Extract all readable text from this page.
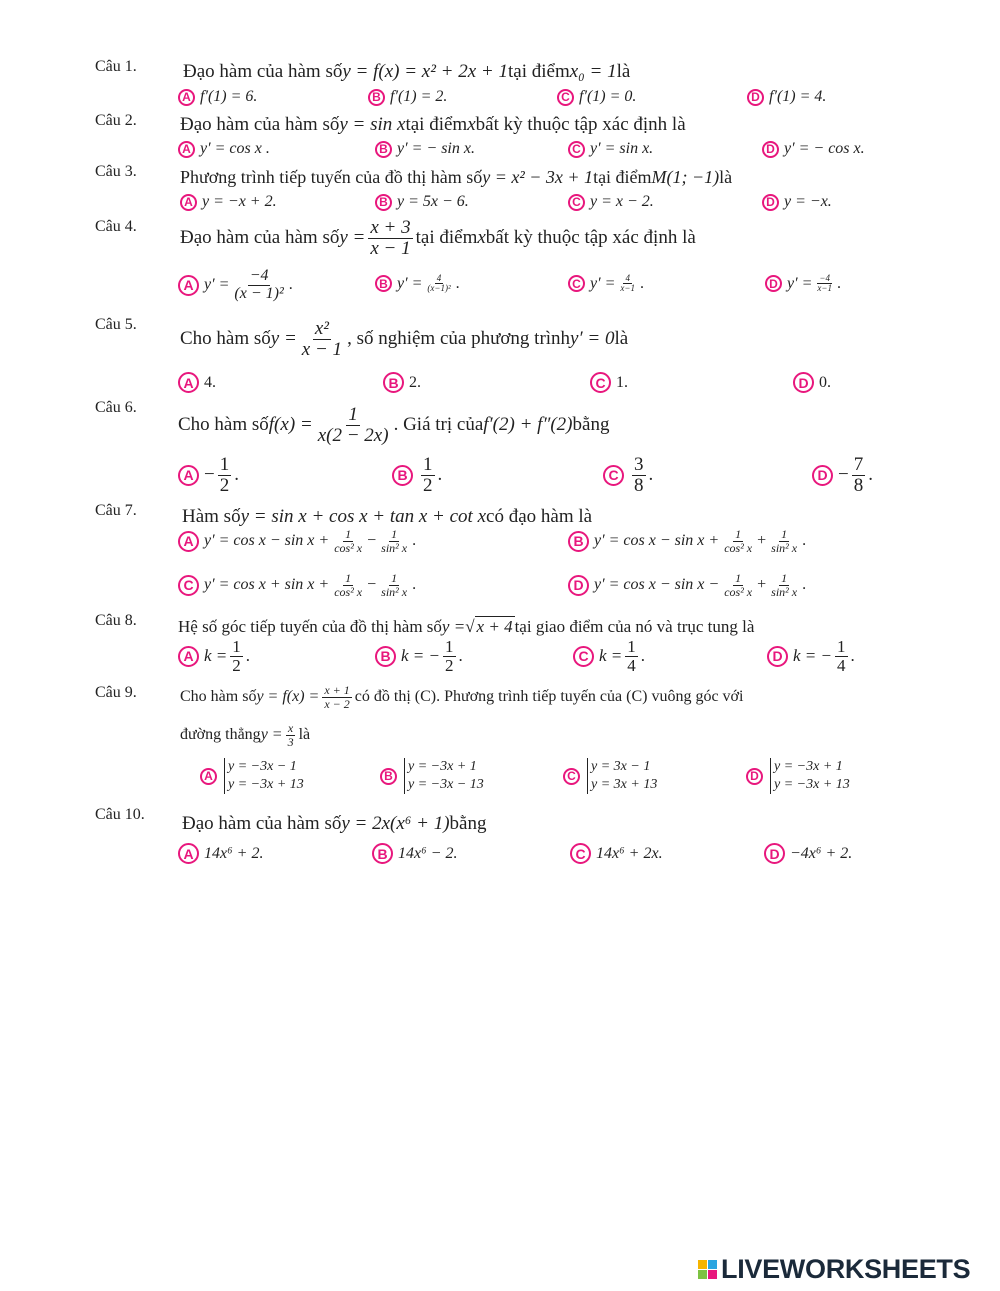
Câu 1. Đạo hàm của hàm số y = f(x) = x² + 2x + 1 tại điểm x₀ = 1 là
A f′(1) = 6.	B f′(1) = 2.	C f′(1) = 0.	D f′(1) = 4.
Câu 2. Đạo hàm của hàm số y = sin x tại điểm x bất kỳ thuộc tập xác định là
A y′ = cos x .	B y′ = − sin x.	C y′ = sin x.	D y′ = − cos x.
Câu 3. Phương trình tiếp tuyến của đồ thị hàm số y = x² − 3x + 1 tại điểm M(1; −1) là
A y = −x + 2.	B y = 5x − 6.	C y = x − 2.	D y = −x.
Câu 4.
Đạo hàm của hàm số $y = \frac{x + 3}{x - 1}$ tại điểm x bất kỳ thuộc tập xác định là
A $y' = \frac{-4}{\text{(x − 1)²}}$ .	B $y' = \frac{4}{\text{(x−1)²}}$ .	C $y' = \frac{4}{x-1}$ .	D $y' = \frac{-4}{x-1}$ .
Câu 5.
Cho hàm số $y = \frac{\text{x²}}{x - 1}$ , số nghiệm của phương trình y′ = 0 là
A 4.	B 2.	C 1.	D 0.
Câu 6.
Cho hàm số $f(x) = \frac{1}{x(2 - 2x)}$ . Giá trị của f′(2) + f″(2) bằng
$A - \frac{1}{2}$ .	B $\frac{1}{2}$ .	C $\frac{3}{8}$ .	$D - \frac{7}{8}$ .
Câu 7. Hàm số y = sin x + cos x + tan x + cot x có đạo hàm là
A $y' = \cos x - \sin x + \frac{1}{\text{cos² x}} - \frac{1}{\text{sin² x}}$ .	B $y' = \cos x - \sin x + \frac{1}{\text{cos² x}} + \frac{1}{\text{sin² x}}$ .
C $y' = \cos x + \sin x + \frac{1}{\text{cos² x}} - \frac{1}{\text{sin² x}}$ .	D $y' = \cos x - \sin x - \frac{1}{\text{cos² x}} + \frac{1}{\text{sin² x}}$ .
Câu 8. Hệ số góc tiếp tuyến của đồ thị hàm số y = √ x + 4 tại giao điểm của nó và trục tung là
A $k = \frac{1}{2}$ .	B k = − $\frac{1}{2}$ .	C $k = \frac{1}{4}$ .	D k = − $\frac{1}{4}$ .
Câu 9.	Cho hàm số $y = f(x) = \frac{x + 1}{x - 2}$ có đồ thị (C). Phương trình tiếp tuyến của (C) vuông góc với
đường thẳng $y = \frac{x}{3}$ là
A
y = −3x − 1
y = −3x + 13
B
y = −3x + 1
y = −3x − 13
C
y = 3x − 1
y = 3x + 13
D
y = −3x + 1
y = −3x + 13
Câu 10. Đạo hàm của hàm số y = 2x(x⁶ + 1) bằng
A 14x⁶ + 2.	B 14x⁶ − 2.	C 14x⁶ + 2x.	D −4x⁶ + 2.
LIVEWORKSHEETS
